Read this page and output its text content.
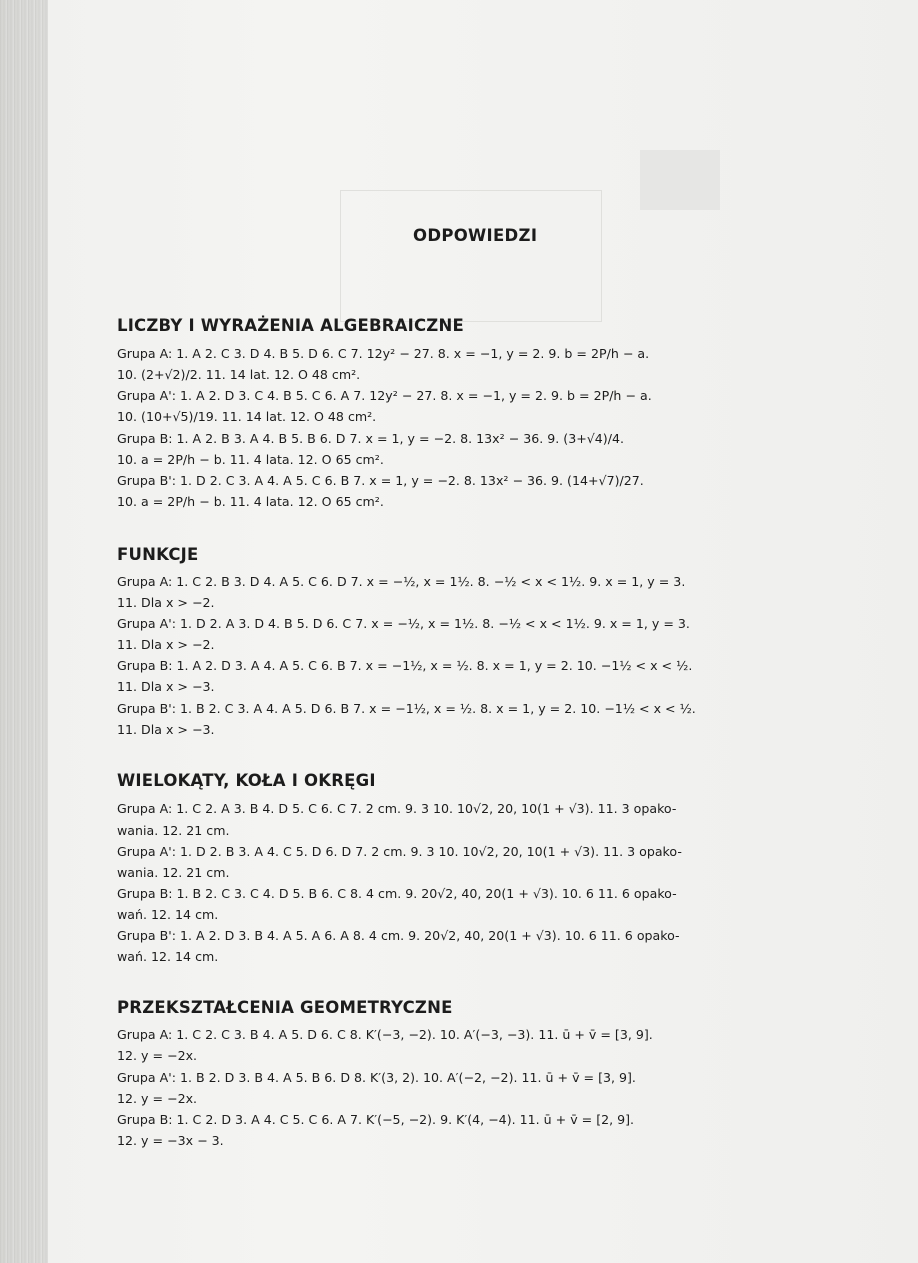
ODPOWIEDZI
LICZBY I WYRAŻENIA ALGEBRAICZNE
Grupa A: 1. A 2. C 3. D 4. B 5. D 6. C 7. 12y² − 27. 8. x = −1, y = 2. 9. b = 2P/h − a.
10. (2+√2)/2. 11. 14 lat. 12. O 48 cm².
Grupa A': 1. A 2. D 3. C 4. B 5. C 6. A 7. 12y² − 27. 8. x = −1, y = 2. 9. b = 2P/h − a.
10. (10+√5)/19. 11. 14 lat. 12. O 48 cm².
Grupa B: 1. A 2. B 3. A 4. B 5. B 6. D 7. x = 1, y = −2. 8. 13x² − 36. 9. (3+√4)/4.
10. a = 2P/h − b. 11. 4 lata. 12. O 65 cm².
Grupa B': 1. D 2. C 3. A 4. A 5. C 6. B 7. x = 1, y = −2. 8. 13x² − 36. 9. (14+√7)/27.
10. a = 2P/h − b. 11. 4 lata. 12. O 65 cm².
FUNKCJE
Grupa A: 1. C 2. B 3. D 4. A 5. C 6. D 7. x = −½, x = 1½. 8. −½ < x < 1½. 9. x = 1, y = 3.
11. Dla x > −2.
Grupa A': 1. D 2. A 3. D 4. B 5. D 6. C 7. x = −½, x = 1½. 8. −½ < x < 1½. 9. x = 1, y = 3.
11. Dla x > −2.
Grupa B: 1. A 2. D 3. A 4. A 5. C 6. B 7. x = −1½, x = ½. 8. x = 1, y = 2. 10. −1½ < x < ½.
11. Dla x > −3.
Grupa B': 1. B 2. C 3. A 4. A 5. D 6. B 7. x = −1½, x = ½. 8. x = 1, y = 2. 10. −1½ < x < ½.
11. Dla x > −3.
WIELOKĄTY, KOŁA I OKRĘGI
Grupa A: 1. C 2. A 3. B 4. D 5. C 6. C 7. 2 cm. 9. 3 10. 10√2, 20, 10(1 + √3). 11. 3 opako-
wania. 12. 21 cm.
Grupa A': 1. D 2. B 3. A 4. C 5. D 6. D 7. 2 cm. 9. 3 10. 10√2, 20, 10(1 + √3). 11. 3 opako-
wania. 12. 21 cm.
Grupa B: 1. B 2. C 3. C 4. D 5. B 6. C 8. 4 cm. 9. 20√2, 40, 20(1 + √3). 10. 6 11. 6 opako-
wań. 12. 14 cm.
Grupa B': 1. A 2. D 3. B 4. A 5. A 6. A 8. 4 cm. 9. 20√2, 40, 20(1 + √3). 10. 6 11. 6 opako-
wań. 12. 14 cm.
PRZEKSZTAŁCENIA GEOMETRYCZNE
Grupa A: 1. C 2. C 3. B 4. A 5. D 6. C 8. K′(−3, −2). 10. A′(−3, −3). 11. ū + v̄ = [3, 9].
12. y = −2x.
Grupa A': 1. B 2. D 3. B 4. A 5. B 6. D 8. K′(3, 2). 10. A′(−2, −2). 11. ū + v̄ = [3, 9].
12. y = −2x.
Grupa B: 1. C 2. D 3. A 4. C 5. C 6. A 7. K′(−5, −2). 9. K′(4, −4). 11. ū + v̄ = [2, 9].
12. y = −3x − 3.
